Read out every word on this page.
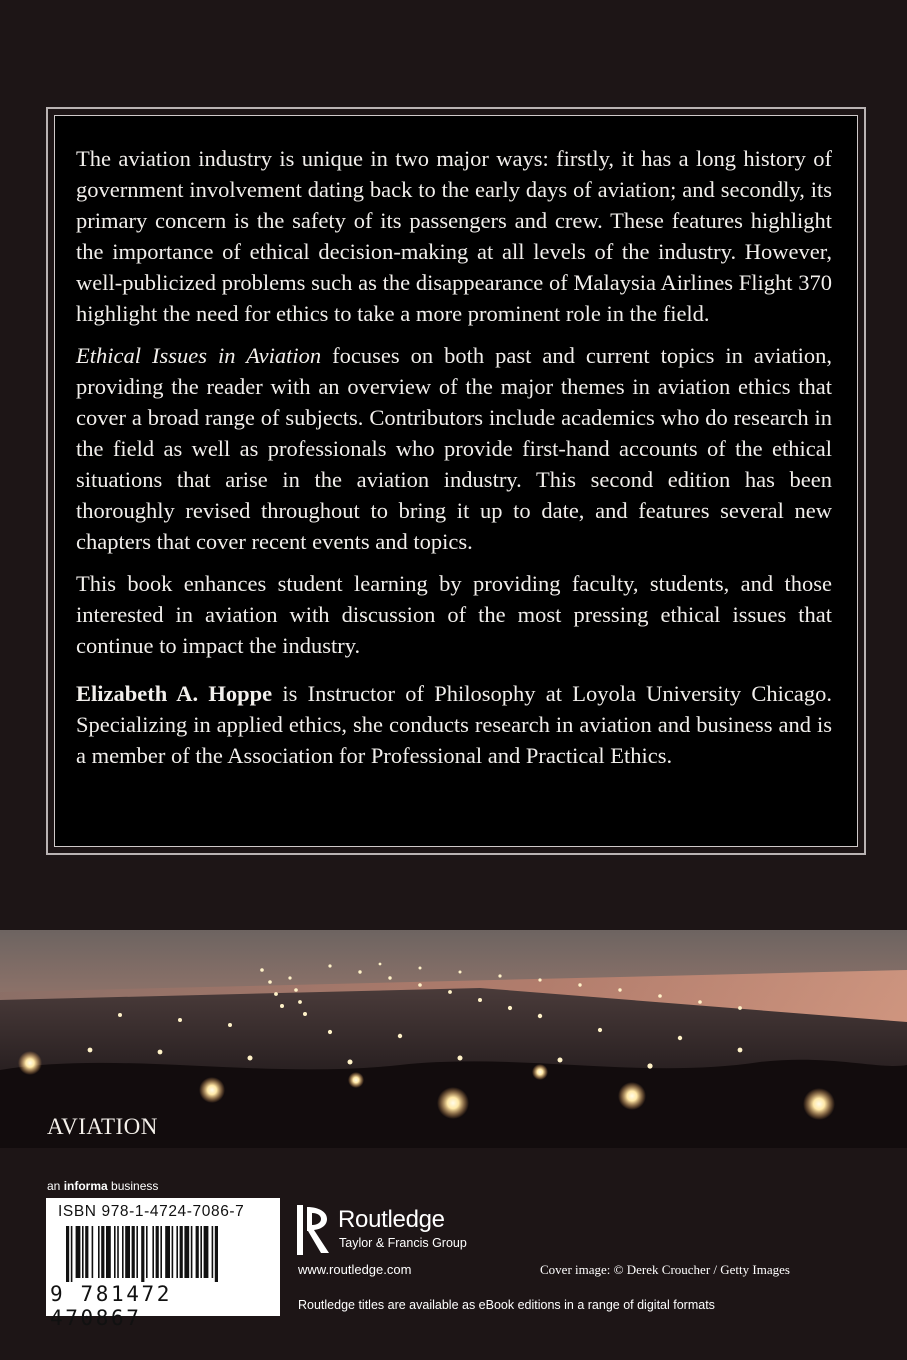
The aviation industry is unique in two major ways: firstly, it has a long history of government involvement dating back to the early days of aviation; and secondly, its primary concern is the safety of its passengers and crew. These features highlight the importance of ethical decision-making at all levels of the industry. However, well-publicized problems such as the disappearance of Malaysia Airlines Flight 370 highlight the need for ethics to take a more prominent role in the field.

Ethical Issues in Aviation focuses on both past and current topics in aviation, providing the reader with an overview of the major themes in aviation ethics that cover a broad range of subjects. Contributors include academics who do research in the field as well as professionals who provide first-hand accounts of the ethical situations that arise in the aviation industry. This second edition has been thoroughly revised throughout to bring it up to date, and features several new chapters that cover recent events and topics.

This book enhances student learning by providing faculty, students, and those interested in aviation with discussion of the most pressing ethical issues that continue to impact the industry.

Elizabeth A. Hoppe is Instructor of Philosophy at Loyola University Chicago. Specializing in applied ethics, she conducts research in aviation and business and is a member of the Association for Professional and Practical Ethics.

AVIATION
an informa business
ISBN 978-1-4724-7086-7
9 781472 470867
Routledge
Taylor & Francis Group
www.routledge.com	Cover image: © Derek Croucher / Getty Images
Routledge titles are available as eBook editions in a range of digital formats
